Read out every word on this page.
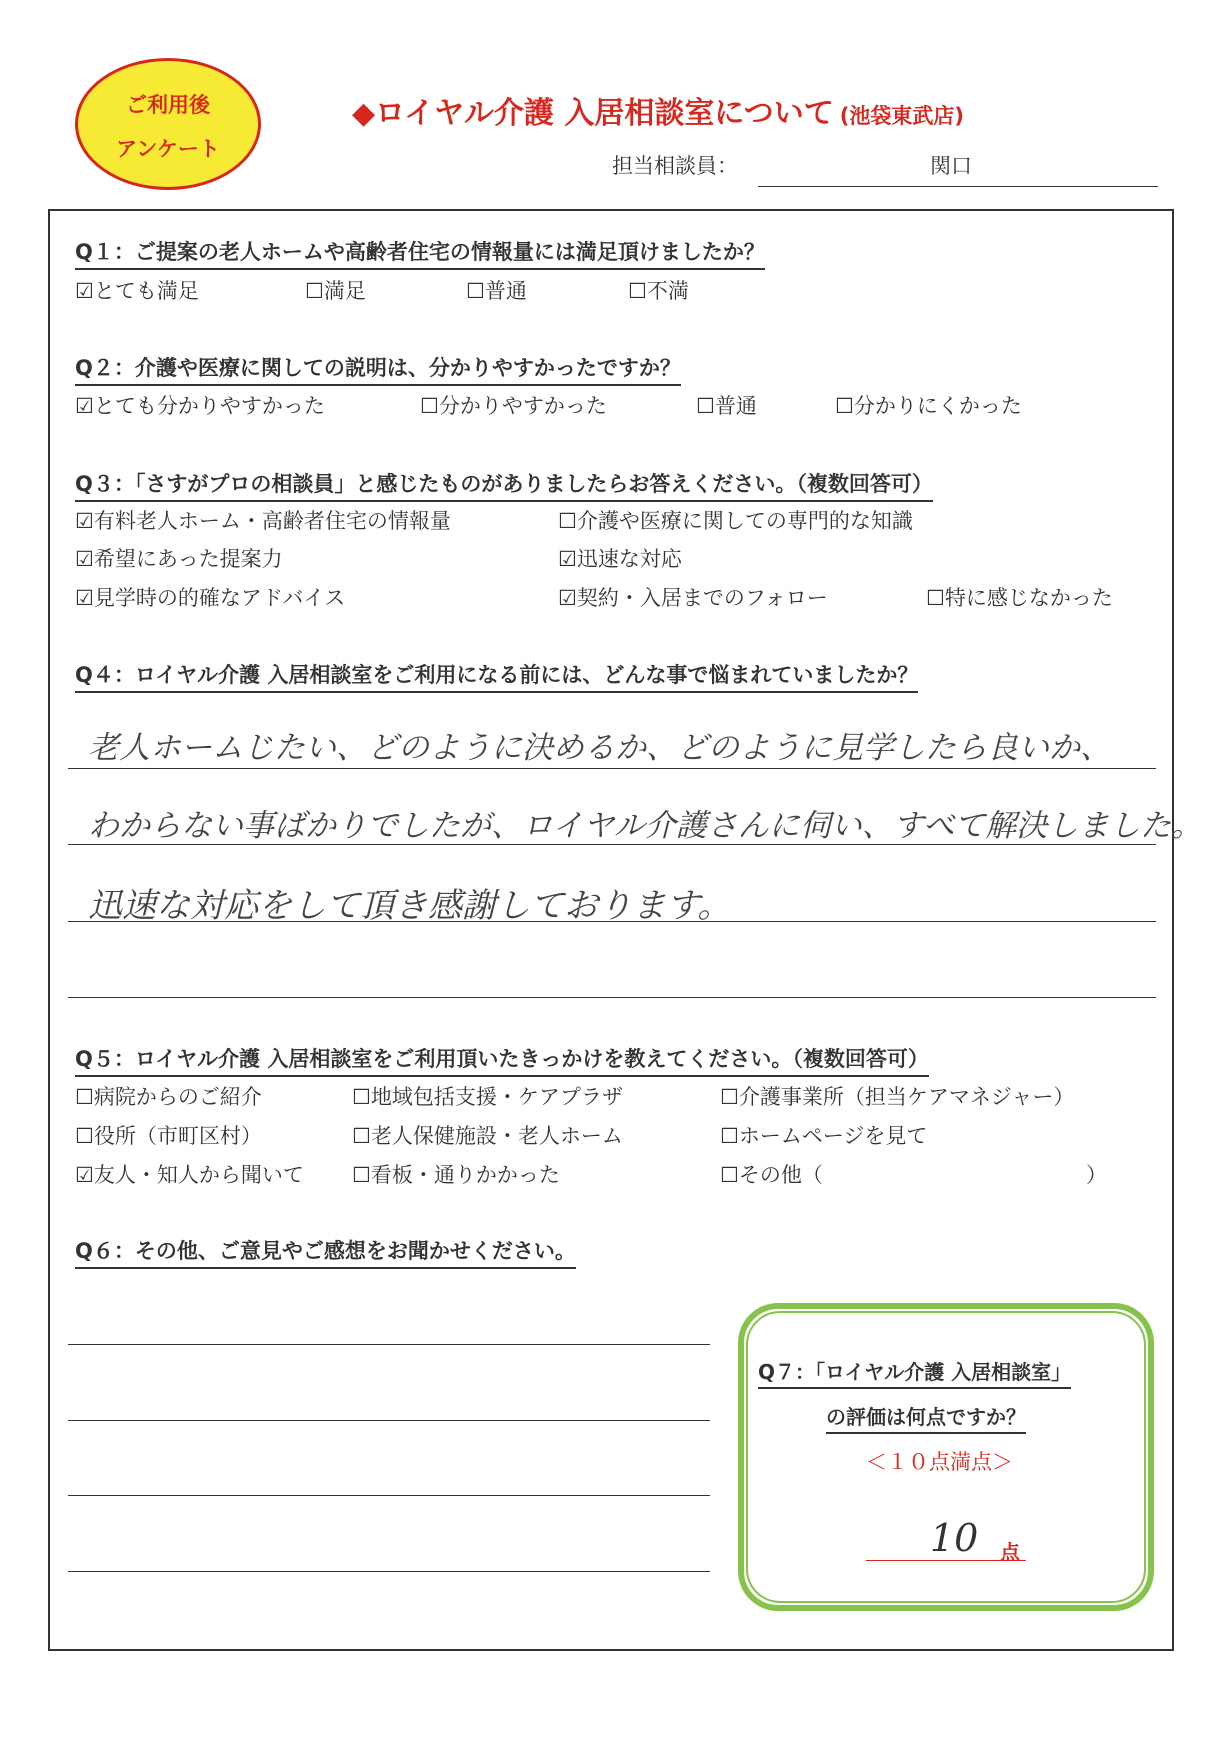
ご利用後
アンケート
◆ロイヤル介護 入居相談室について (池袋東武店)
担当相談員：	関口
Q１：ご提案の老人ホームや高齢者住宅の情報量には満足頂けましたか？
☑とても満足	☐満足	☐普通	☐不満
Q２：介護や医療に関しての説明は、分かりやすかったですか？
☑とても分かりやすかった	☐分かりやすかった	☐普通	☐分かりにくかった
Q３：「さすがプロの相談員」と感じたものがありましたらお答えください。（複数回答可）
☑有料老人ホーム・高齢者住宅の情報量	☐介護や医療に関しての専門的な知識
☑希望にあった提案力	☑迅速な対応
☑見学時の的確なアドバイス	☑契約・入居までのフォロー	☐特に感じなかった
Q４：ロイヤル介護 入居相談室をご利用になる前には、どんな事で悩まれていましたか？
老人ホームじたい、どのように決めるか、どのように見学したら良いか、
わからない事ばかりでしたが、ロイヤル介護さんに伺い、すべて解決しました。
迅速な対応をして頂き感謝しております。
Q５：ロイヤル介護 入居相談室をご利用頂いたきっかけを教えてください。（複数回答可）
☐病院からのご紹介	☐地域包括支援・ケアプラザ	☐介護事業所（担当ケアマネジャー）
☐役所（市町区村）	☐老人保健施設・老人ホーム	☐ホームページを見て
☑友人・知人から聞いて ☐看板・通りかかった	☐その他（	）
Q６：その他、ご意見やご感想をお聞かせください。
Q７：「ロイヤル介護 入居相談室」
の評価は何点ですか？
＜１０点満点＞
10 点
